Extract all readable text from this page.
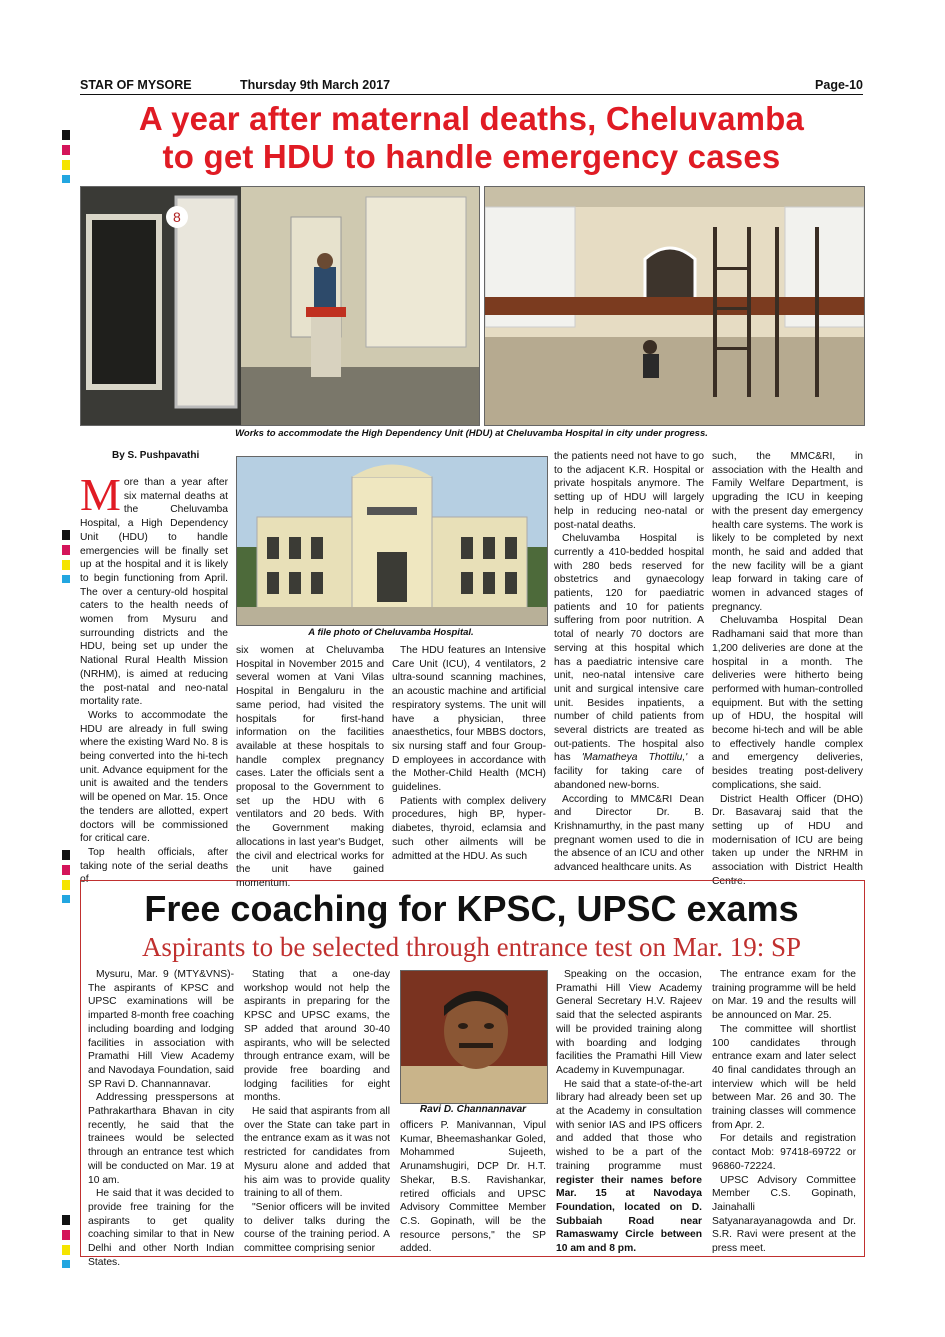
STAR OF MYSORE	Thursday 9th March 2017	Page-10
A year after maternal deaths, Cheluvamba
to get HDU to handle emergency cases
8
Works to accommodate the High Dependency Unit (HDU) at Cheluvamba Hospital in city under progress.
By S. Pushpavathi

More than a year after six maternal deaths at the Cheluvamba Hospital, a High Dependency Unit (HDU) to handle emergencies will be finally set up at the hospital and it is likely to begin functioning from April. The over a century-old hospital caters to the health needs of women from Mysuru and surrounding districts and the HDU, being set up under the National Rural Health Mission (NRHM), is aimed at reducing the post-natal and neo-natal mortality rate.

Works to accommodate the HDU are already in full swing where the existing Ward No. 8 is being converted into the hi-tech unit. Advance equipment for the unit is awaited and the tenders will be opened on Mar. 15. Once the tenders are allotted, expert doctors will be commissioned for critical care.

Top health officials, after taking note of the serial deaths of

A file photo of Cheluvamba Hospital.

six women at Cheluvamba Hospital in November 2015 and several women at Vani Vilas Hospital in Bengaluru in the same period, had visited the hospitals for first-hand information on the facilities available at these hospitals to handle complex pregnancy cases. Later the officials sent a proposal to the Government to set up the HDU with 6 ventilators and 20 beds. With the Government making allocations in last year's Budget, the civil and electrical works for the unit have gained momentum.

The HDU features an Intensive Care Unit (ICU), 4 ventilators, 2 ultra-sound scanning machines, an acoustic machine and artificial respiratory systems. The unit will have a physician, three anaesthetics, four MBBS doctors, six nursing staff and four Group-D employees in accordance with the Mother-Child Health (MCH) guidelines.

Patients with complex delivery procedures, high BP, hyper-diabetes, thyroid, eclamsia and such other ailments will be admitted at the HDU. As such

the patients need not have to go to the adjacent K.R. Hospital or private hospitals anymore. The setting up of HDU will largely help in reducing neo-natal or post-natal deaths.

Cheluvamba Hospital is currently a 410-bedded hospital with 280 beds reserved for obstetrics and gynaecology patients, 120 for paediatric patients and 10 for patients suffering from poor nutrition. A total of nearly 70 doctors are serving at this hospital which has a paediatric intensive care unit, neo-natal intensive care unit and surgical intensive care unit. Besides inpatients, a number of child patients from several districts are treated as out-patients. The hospital also has 'Mamatheya Thottilu,' a facility for taking care of abandoned new-borns.

According to MMC&RI Dean and Director Dr. B. Krishnamurthy, in the past many pregnant women used to die in the absence of an ICU and other advanced healthcare units. As

such, the MMC&RI, in association with the Health and Family Welfare Department, is upgrading the ICU in keeping with the present day emergency health care systems. The work is likely to be completed by next month, he said and added that the new facility will be a giant leap forward in taking care of women in advanced stages of pregnancy.

Cheluvamba Hospital Dean Radhamani said that more than 1,200 deliveries are done at the hospital in a month. The deliveries were hitherto being performed with human-controlled equipment. But with the setting up of HDU, the hospital will become hi-tech and will be able to effectively handle complex and emergency deliveries, besides treating post-delivery complications, she said.

District Health Officer (DHO) Dr. Basavaraj said that the setting up of HDU and modernisation of ICU are being taken up under the NRHM in association with District Health Centre.

Free coaching for KPSC, UPSC exams
Aspirants to be selected through entrance test on Mar. 19: SP

Mysuru, Mar. 9 (MTY&VNS)- The aspirants of KPSC and UPSC examinations will be imparted 8-month free coaching including boarding and lodging facilities in association with Pramathi Hill View Academy and Navodaya Foundation, said SP Ravi D. Channannavar.

Addressing presspersons at Pathrakarthara Bhavan in city recently, he said that the trainees would be selected through an entrance test which will be conducted on Mar. 19 at 10 am.

He said that it was decided to provide free training for the aspirants to get quality coaching similar to that in New Delhi and other North Indian States.

Stating that a one-day workshop would not help the aspirants in preparing for the KPSC and UPSC exams, the SP added that around 30-40 aspirants, who will be selected through entrance exam, will be provide free boarding and lodging facilities for eight months.

He said that aspirants from all over the State can take part in the entrance exam as it was not restricted for candidates from Mysuru alone and added that his aim was to provide quality training to all of them.

"Senior officers will be invited to deliver talks during the course of the training period. A committee comprising senior

Ravi D. Channannavar

officers P. Manivannan, Vipul Kumar, Bheemashankar Goled, Mohammed Sujeeth, Arunamshugiri, DCP Dr. H.T. Shekar, B.S. Ravishankar, retired officials and UPSC Advisory Committee Member C.S. Gopinath, will be the resource persons," the SP added.

Speaking on the occasion, Pramathi Hill View Academy General Secretary H.V. Rajeev said that the selected aspirants will be provided training along with boarding and lodging facilities the Pramathi Hill View Academy in Kuvempunagar.

He said that a state-of-the-art library had already been set up at the Academy in consultation with senior IAS and IPS officers and added that those who wished to be a part of the training programme must register their names before Mar. 15 at Navodaya Foundation, located on D. Subbaiah Road near Ramaswamy Circle between 10 am and 8 pm.

The entrance exam for the training programme will be held on Mar. 19 and the results will be announced on Mar. 25.

The committee will shortlist 100 candidates through entrance exam and later select 40 final candidates through an interview which will be held between Mar. 26 and 30. The training classes will commence from Apr. 2.

For details and registration contact Mob: 97418-69722 or 96860-72224.

UPSC Advisory Committee Member C.S. Gopinath, Jainahalli Satyanarayanagowda and Dr. S.R. Ravi were present at the press meet.
